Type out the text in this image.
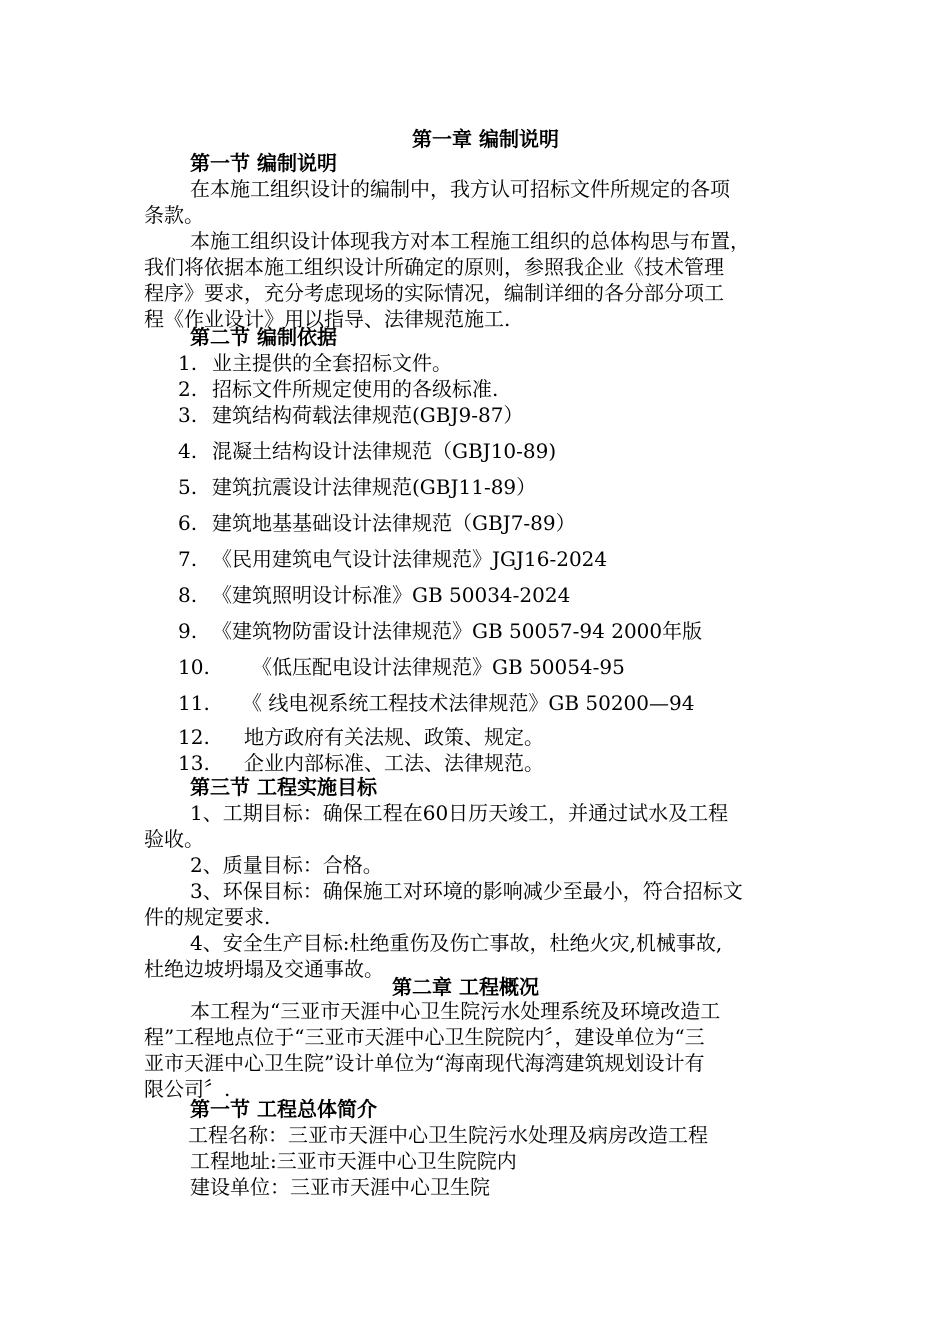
第一章 编制说明
第一节 编制说明
在本施工组织设计的编制中，我方认可招标文件所规定的各项
条款。
本施工组织设计体现我方对本工程施工组织的总体构思与布置，
我们将依据本施工组织设计所确定的原则，参照我企业《技术管理
程序》要求，充分考虑现场的实际情况，编制详细的各分部分项工
程《作业设计》用以指导、法律规范施工.
第二节 编制依据
1. 业主提供的全套招标文件。
2. 招标文件所规定使用的各级标准.
3. 建筑结构荷载法律规范(GBJ9-87）
4. 混凝土结构设计法律规范（GBJ10-89)
5. 建筑抗震设计法律规范(GBJ11-89）
6. 建筑地基基础设计法律规范（GBJ7-89）
7. 《民用建筑电气设计法律规范》JGJ16-2024
8. 《建筑照明设计标准》GB 50034-2024
9. 《建筑物防雷设计法律规范》GB 50057-94 2000年版
10. 《低压配电设计法律规范》GB 50054-95
11. 《 线电视系统工程技术法律规范》GB 50200—94
12. 地方政府有关法规、政策、规定。
13. 企业内部标准、工法、法律规范。
第三节 工程实施目标
1、工期目标：确保工程在60日历天竣工，并通过试水及工程
验收。
2、质量目标：合格。
3、环保目标：确保施工对环境的影响减少至最小，符合招标文
件的规定要求.
4、安全生产目标:杜绝重伤及伤亡事故，杜绝火灾,机械事故,
杜绝边坡坍塌及交通事故。
第二章 工程概况
本工程为“三亚市天涯中心卫生院污水处理系统及环境改造工
程”工程地点位于“三亚市天涯中心卫生院院内〞，建设单位为“三
亚市天涯中心卫生院”设计单位为“海南现代海湾建筑规划设计有
限公司〞.
第一节 工程总体简介
工程名称：三亚市天涯中心卫生院污水处理及病房改造工程
工程地址:三亚市天涯中心卫生院院内
建设单位：三亚市天涯中心卫生院
